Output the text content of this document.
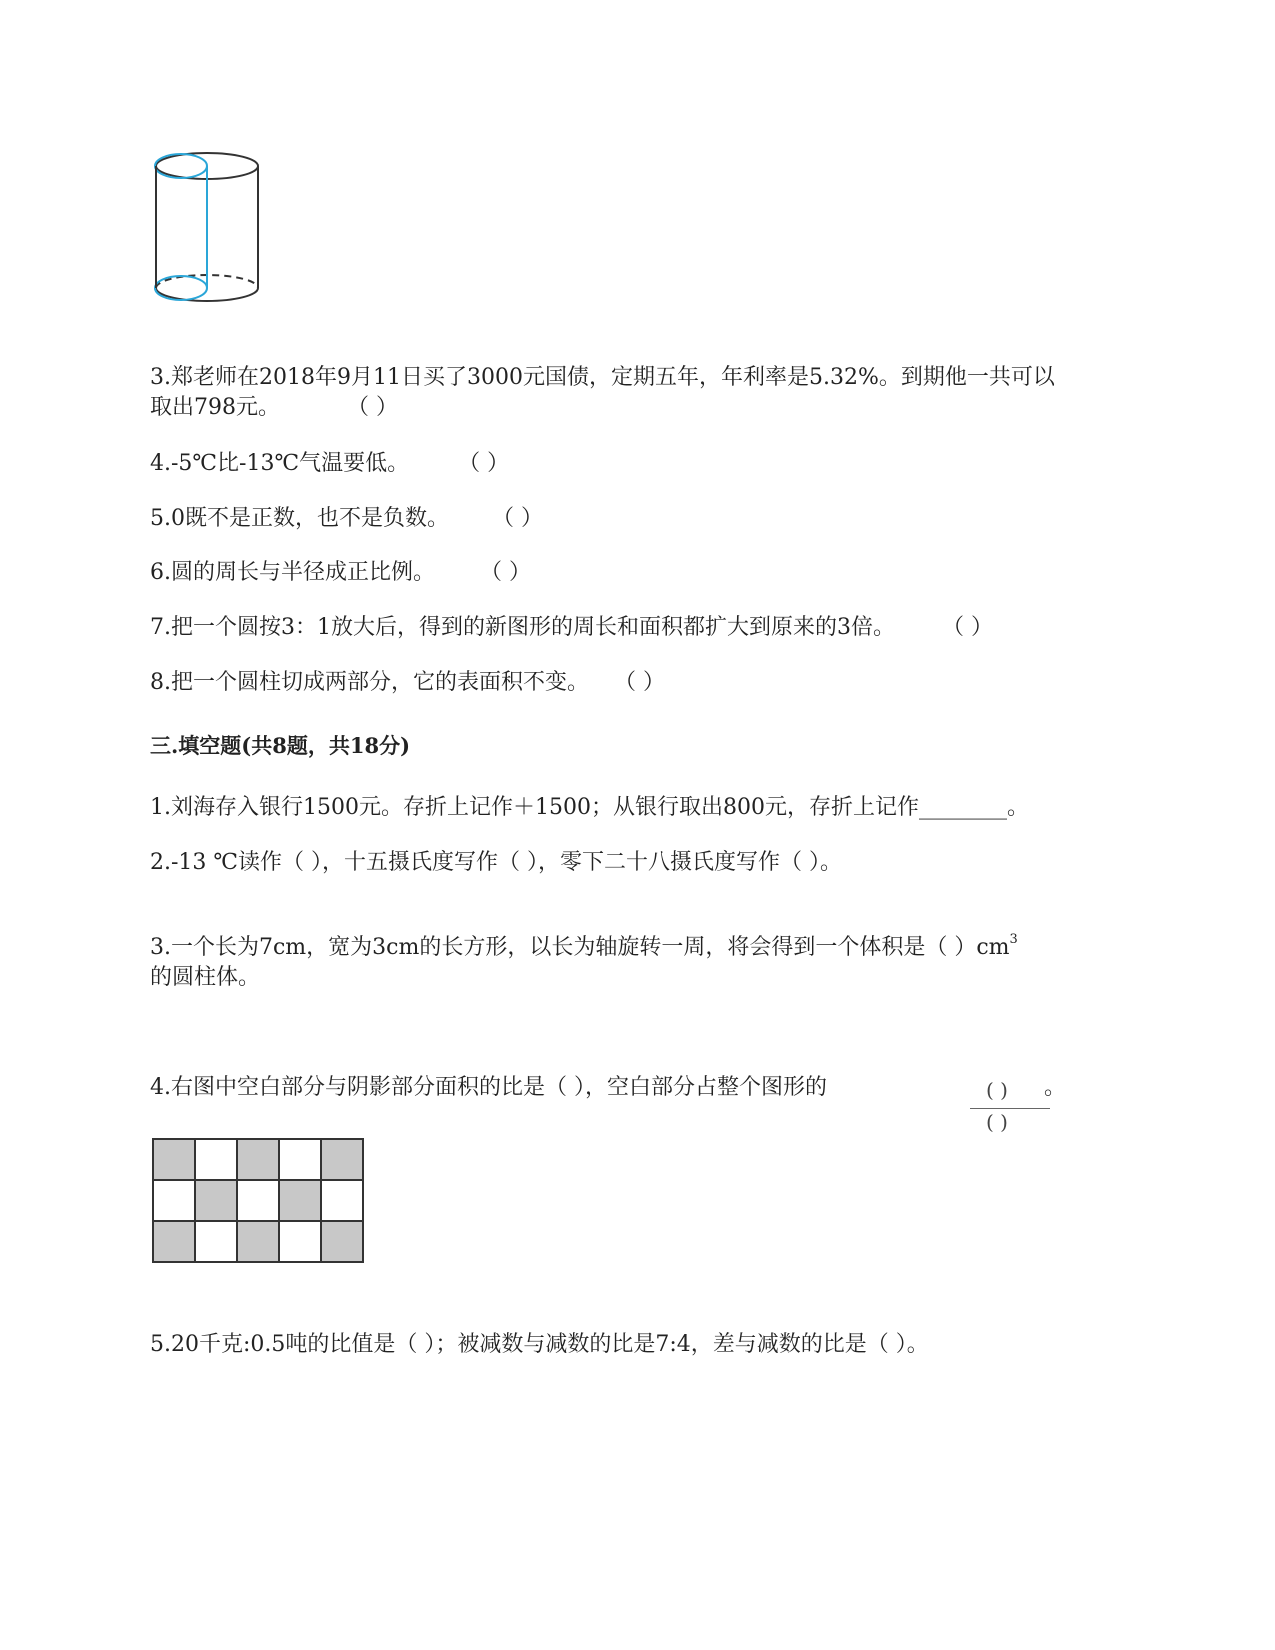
3.郑老师在2018年9月11日买了3000元国债，定期五年，年利率是5.32%。到期他一共可以
取出798元。	（ ）
4.-5℃比-13℃气温要低。 （ ）
5.0既不是正数，也不是负数。 （ ）
6.圆的周长与半径成正比例。 （ ）
7.把一个圆按3：1放大后，得到的新图形的周长和面积都扩大到原来的3倍。 （ ）
8.把一个圆柱切成两部分，它的表面积不变。 （ ）
三.填空题(共8题，共18分)
1.刘海存入银行1500元。存折上记作＋1500；从银行取出800元，存折上记作________。
2.-13 ℃读作（ ），十五摄氏度写作（ ），零下二十八摄氏度写作（ ）。
3.一个长为7cm，宽为3cm的长方形，以长为轴旋转一周，将会得到一个体积是（ ）$cm^3$
的圆柱体。
4.右图中空白部分与阴影部分面积的比是（ ），空白部分占整个图形的	( )
( )
。
5.20千克:0.5吨的比值是（ ）；被减数与减数的比是7:4，差与减数的比是（ ）。
